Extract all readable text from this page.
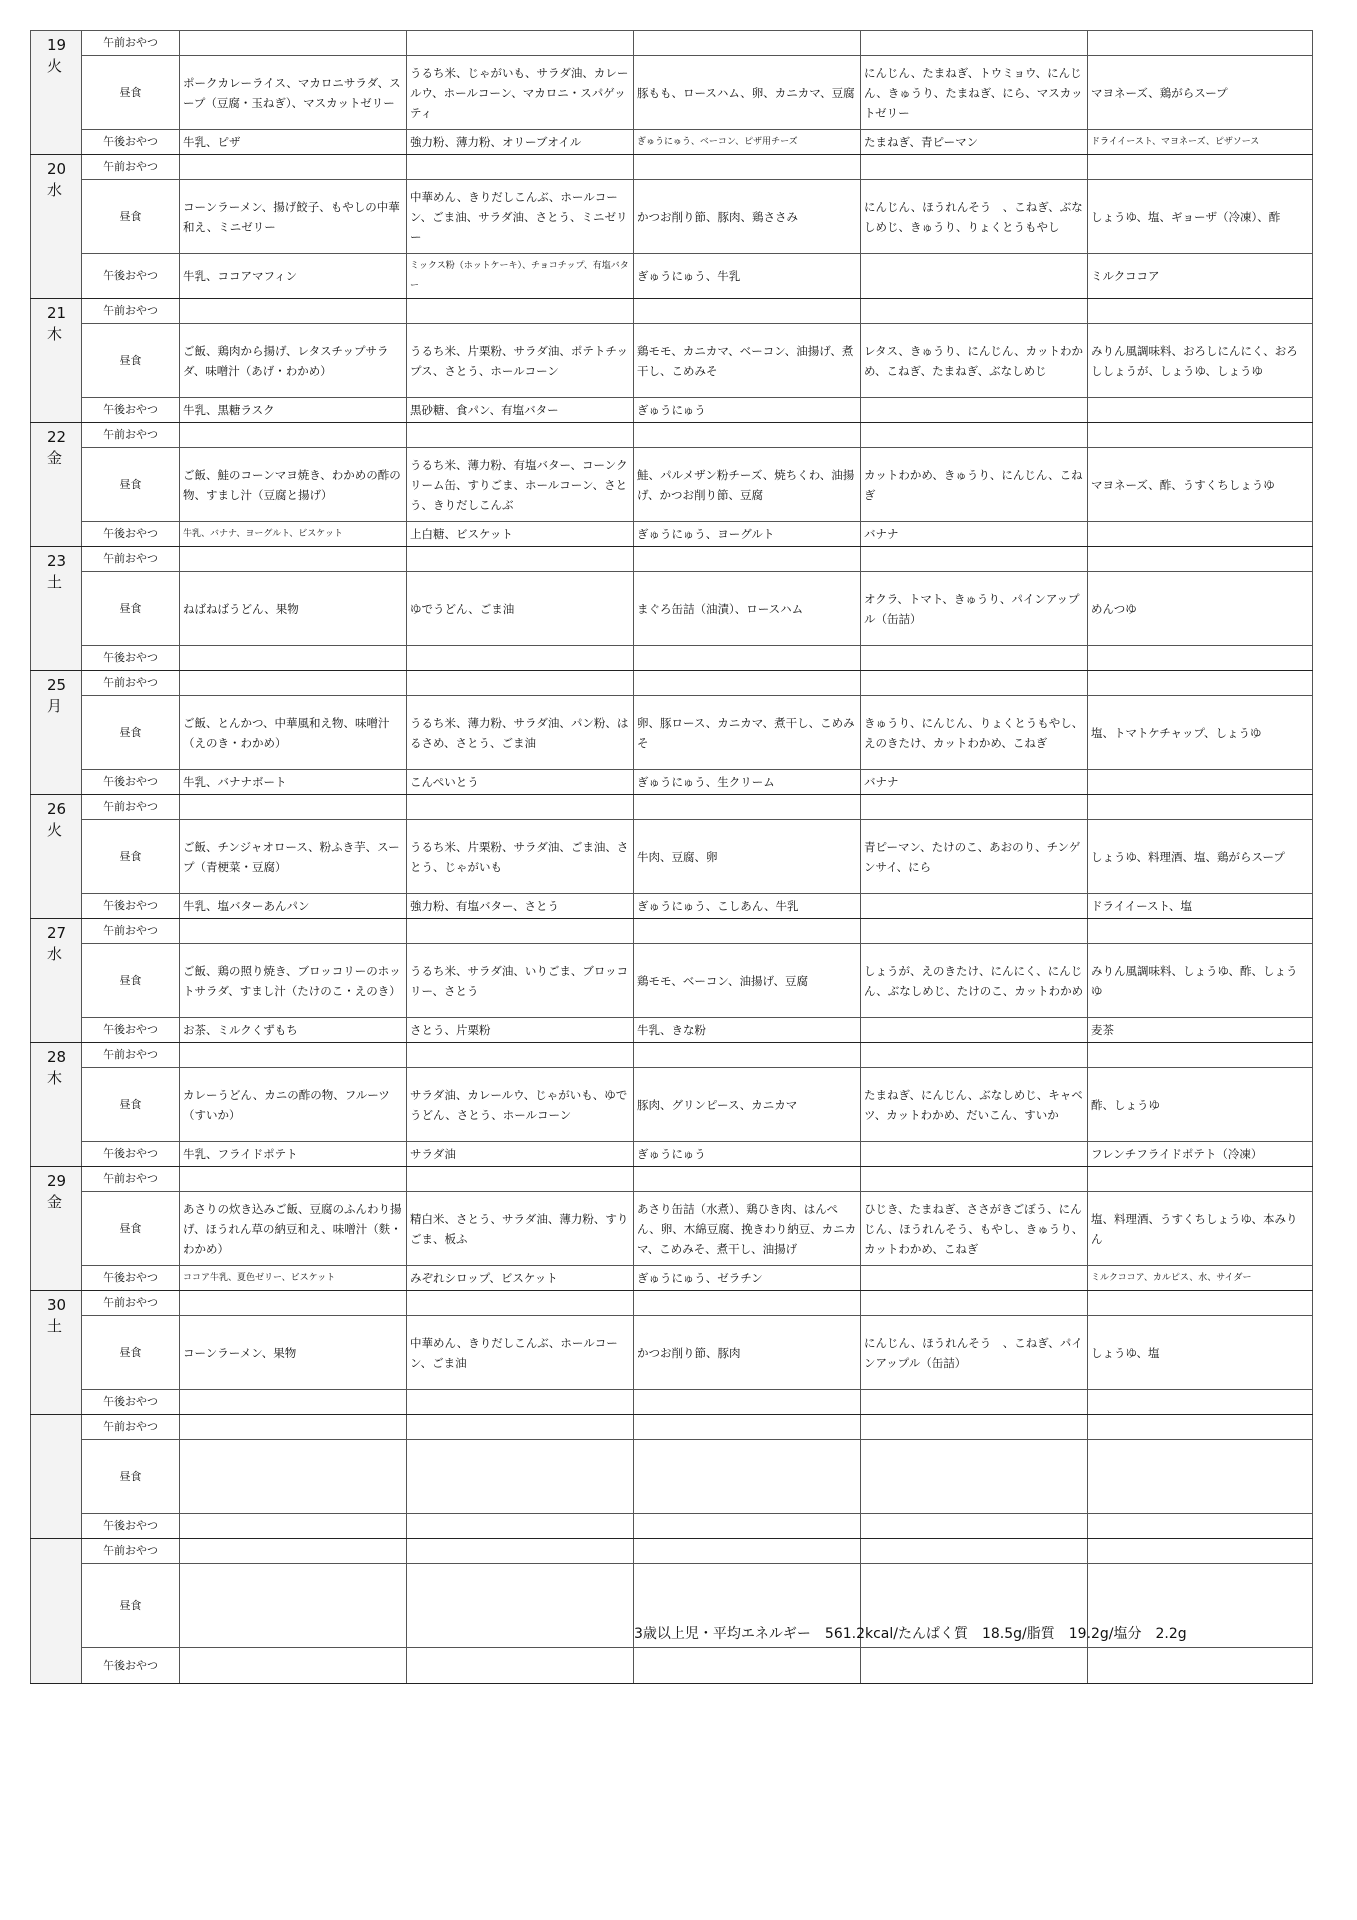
19
火	午前おやつ					
	昼食	ポークカレーライス、マカロニサラダ、スープ（豆腐・玉ねぎ）、マスカットゼリー	うるち米、じゃがいも、サラダ油、カレールウ、ホールコーン、マカロニ・スパゲッティ	豚もも、ロースハム、卵、カニカマ、豆腐	にんじん、たまねぎ、トウミョウ、にんじん、きゅうり、たまねぎ、にら、マスカットゼリー	マヨネーズ、鶏がらスープ
	午後おやつ	牛乳、ピザ	強力粉、薄力粉、オリーブオイル	ぎゅうにゅう、ベーコン、ピザ用チーズ	たまねぎ、青ピーマン	ドライイースト、マヨネーズ、ピザソース

20
水	午前おやつ					
	昼食	コーンラーメン、揚げ餃子、もやしの中華和え、ミニゼリー	中華めん、きりだしこんぶ、ホールコーン、ごま油、サラダ油、さとう、ミニゼリー	かつお削り節、豚肉、鶏ささみ	にんじん、ほうれんそう　、こねぎ、ぶなしめじ、きゅうり、りょくとうもやし	しょうゆ、塩、ギョーザ（冷凍）、酢
	午後おやつ	牛乳、ココアマフィン	ミックス粉（ホットケーキ）、チョコチップ、有塩バター	ぎゅうにゅう、牛乳		ミルクココア

21
木	午前おやつ					
	昼食	ご飯、鶏肉から揚げ、レタスチップサラダ、味噌汁（あげ・わかめ）	うるち米、片栗粉、サラダ油、ポテトチップス、さとう、ホールコーン	鶏モモ、カニカマ、ベーコン、油揚げ、煮干し、こめみそ	レタス、きゅうり、にんじん、カットわかめ、こねぎ、たまねぎ、ぶなしめじ	みりん風調味料、おろしにんにく、おろししょうが、しょうゆ、しょうゆ
	午後おやつ	牛乳、黒糖ラスク	黒砂糖、食パン、有塩バター	ぎゅうにゅう		

22
金	午前おやつ					
	昼食	ご飯、鮭のコーンマヨ焼き、わかめの酢の物、すまし汁（豆腐と揚げ）	うるち米、薄力粉、有塩バター、コーンクリーム缶、すりごま、ホールコーン、さとう、きりだしこんぶ	鮭、パルメザン粉チーズ、焼ちくわ、油揚げ、かつお削り節、豆腐	カットわかめ、きゅうり、にんじん、こねぎ	マヨネーズ、酢、うすくちしょうゆ
	午後おやつ	牛乳、バナナ、ヨーグルト、ビスケット	上白糖、ビスケット	ぎゅうにゅう、ヨーグルト	バナナ	

23
土	午前おやつ					
	昼食	ねばねばうどん、果物	ゆでうどん、ごま油	まぐろ缶詰（油漬）、ロースハム	オクラ、トマト、きゅうり、パインアップル（缶詰）	めんつゆ
	午後おやつ					

25
月	午前おやつ					
	昼食	ご飯、とんかつ、中華風和え物、味噌汁（えのき・わかめ）	うるち米、薄力粉、サラダ油、パン粉、はるさめ、さとう、ごま油	卵、豚ロース、カニカマ、煮干し、こめみそ	きゅうり、にんじん、りょくとうもやし、えのきたけ、カットわかめ、こねぎ	塩、トマトケチャップ、しょうゆ
	午後おやつ	牛乳、バナナボート	こんぺいとう	ぎゅうにゅう、生クリーム	バナナ	

26
火	午前おやつ					
	昼食	ご飯、チンジャオロース、粉ふき芋、スープ（青梗菜・豆腐）	うるち米、片栗粉、サラダ油、ごま油、さとう、じゃがいも	牛肉、豆腐、卵	青ピーマン、たけのこ、あおのり、チンゲンサイ、にら	しょうゆ、料理酒、塩、鶏がらスープ
	午後おやつ	牛乳、塩バターあんパン	強力粉、有塩バター、さとう	ぎゅうにゅう、こしあん、牛乳		ドライイースト、塩

27
水	午前おやつ					
	昼食	ご飯、鶏の照り焼き、ブロッコリーのホットサラダ、すまし汁（たけのこ・えのき）	うるち米、サラダ油、いりごま、ブロッコリー、さとう	鶏モモ、ベーコン、油揚げ、豆腐	しょうが、えのきたけ、にんにく、にんじん、ぶなしめじ、たけのこ、カットわかめ	みりん風調味料、しょうゆ、酢、しょうゆ
	午後おやつ	お茶、ミルクくずもち	さとう、片栗粉	牛乳、きな粉		麦茶

28
木	午前おやつ					
	昼食	カレーうどん、カニの酢の物、フルーツ（すいか）	サラダ油、カレールウ、じゃがいも、ゆでうどん、さとう、ホールコーン	豚肉、グリンピース、カニカマ	たまねぎ、にんじん、ぶなしめじ、キャベツ、カットわかめ、だいこん、すいか	酢、しょうゆ
	午後おやつ	牛乳、フライドポテト	サラダ油	ぎゅうにゅう		フレンチフライドポテト（冷凍）

29
金	午前おやつ					
	昼食	あさりの炊き込みご飯、豆腐のふんわり揚げ、ほうれん草の納豆和え、味噌汁（麩・わかめ）	精白米、さとう、サラダ油、薄力粉、すりごま、板ふ	あさり缶詰（水煮）、鶏ひき肉、はんぺん、卵、木綿豆腐、挽きわり納豆、カニカマ、こめみそ、煮干し、油揚げ	ひじき、たまねぎ、ささがきごぼう、にんじん、ほうれんそう、もやし、きゅうり、カットわかめ、こねぎ	塩、料理酒、うすくちしょうゆ、本みりん
	午後おやつ	ココア牛乳、夏色ゼリー、ビスケット	みぞれシロップ、ビスケット	ぎゅうにゅう、ゼラチン		ミルクココア、カルピス、水、サイダー

30
土	午前おやつ					
	昼食	コーンラーメン、果物	中華めん、きりだしこんぶ、ホールコーン、ごま油	かつお削り節、豚肉	にんじん、ほうれんそう　、こねぎ、パインアップル（缶詰）	しょうゆ、塩
	午後おやつ					

	午前おやつ					
	昼食					
	午後おやつ					

	午前おやつ					
	昼食					
	午後おやつ					
3歳以上児・平均エネルギー　561.2kcal/たんぱく質　18.5g/脂質　19.2g/塩分　2.2g
